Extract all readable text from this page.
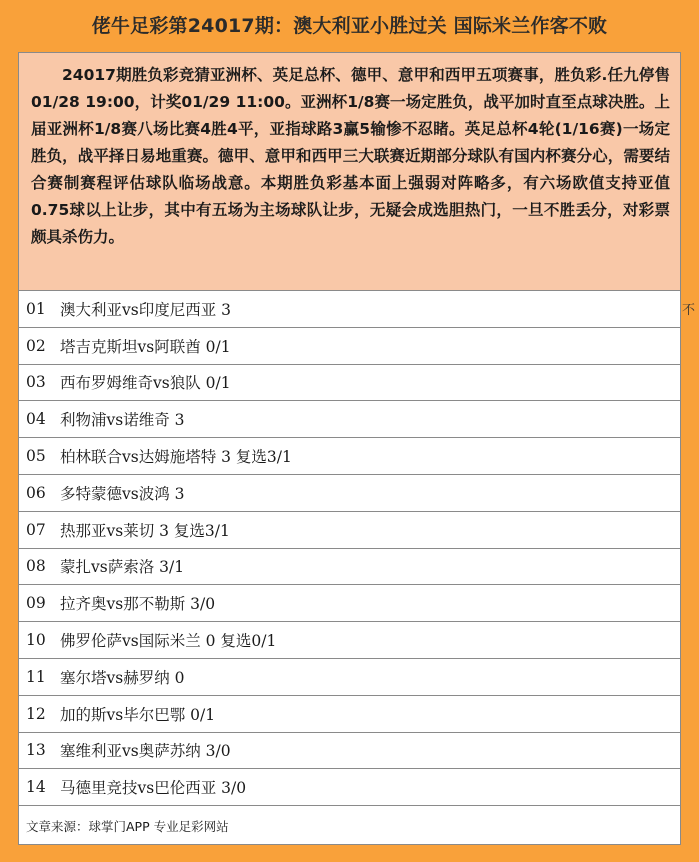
佬牛足彩第24017期：澳大利亚小胜过关 国际米兰作客不败
24017期胜负彩竞猜亚洲杯、英足总杯、德甲、意甲和西甲五项赛事，胜负彩.任九停售01/28 19:00，计奖01/29 11:00。亚洲杯1/8赛一场定胜负，战平加时直至点球决胜。上届亚洲杯1/8赛八场比赛4胜4平，亚指球路3赢5输惨不忍睹。英足总杯4轮(1/16赛)一场定胜负，战平择日易地重赛。德甲、意甲和西甲三大联赛近期部分球队有国内杯赛分心，需要结合赛制赛程评估球队临场战意。本期胜负彩基本面上强弱对阵略多，有六场欧值支持亚值0.75球以上让步，其中有五场为主场球队让步，无疑会成选胆热门，一旦不胜丢分，对彩票颇具杀伤力。
01 澳大利亚vs印度尼西亚 3
02 塔吉克斯坦vs阿联酋 0/1
03 西布罗姆维奇vs狼队 0/1
04 利物浦vs诺维奇 3
05 柏林联合vs达姆施塔特 3 复选3/1
06 多特蒙德vs波鸿 3
07 热那亚vs莱切 3 复选3/1
08 蒙扎vs萨索洛 3/1
09 拉齐奥vs那不勒斯 3/0
10 佛罗伦萨vs国际米兰 0 复选0/1
11 塞尔塔vs赫罗纳 0
12 加的斯vs毕尔巴鄂 0/1
13 塞维利亚vs奥萨苏纳 3/0
14 马德里竞技vs巴伦西亚 3/0
文章来源：球掌门APP 专业足彩网站
不
